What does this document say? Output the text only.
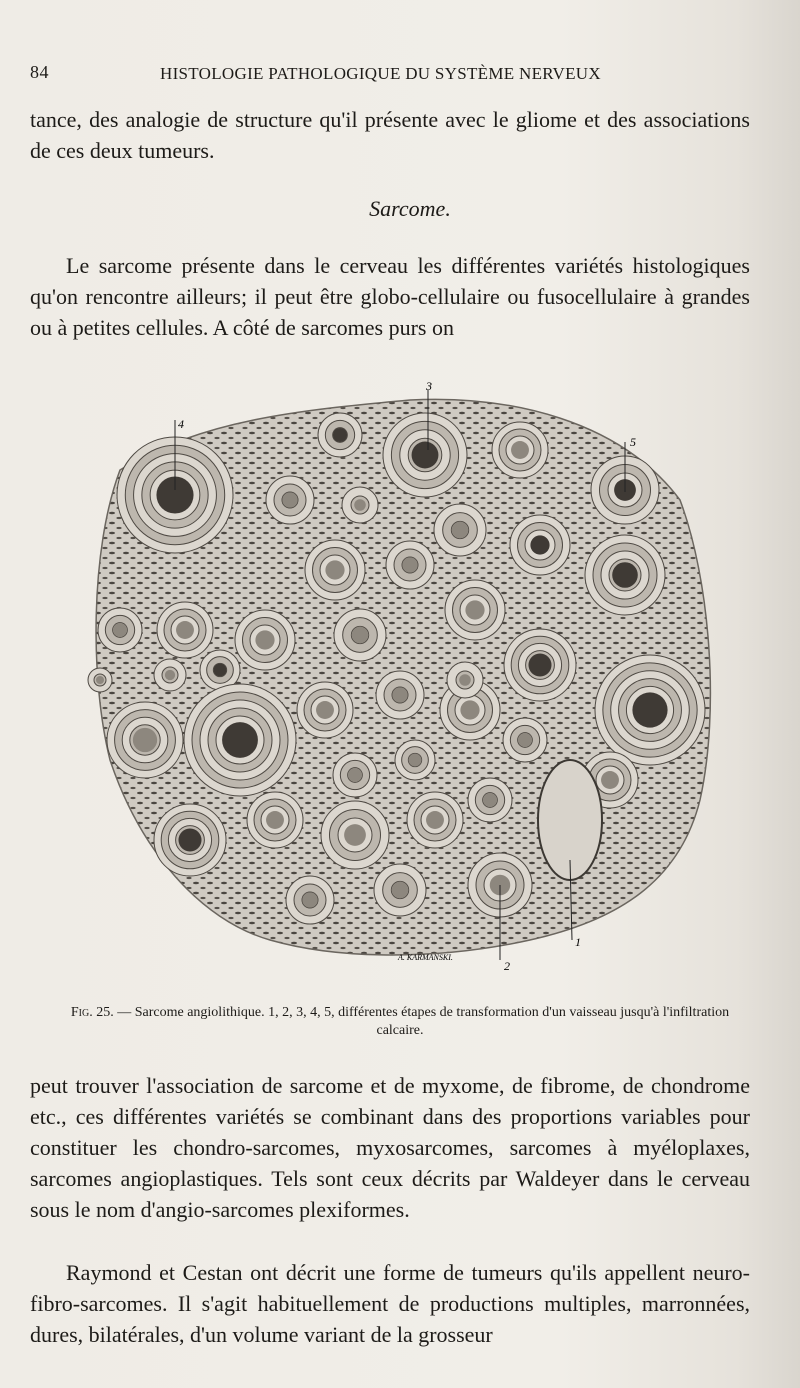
84	HISTOLOGIE PATHOLOGIQUE DU SYSTÈME NERVEUX

tance, des analogie de structure qu'il présente avec le gliome et des associations de ces deux tumeurs.

Sarcome.

Le sarcome présente dans le cerveau les différentes variétés histologiques qu'on rencontre ailleurs; il peut être globo-cellulaire ou fusocellulaire à grandes ou à petites cellules. A côté de sarcomes purs on

4
3
5
1
2
A. KARMANSKI.
Fig. 25. — Sarcome angiolithique. 1, 2, 3, 4, 5, différentes étapes de transformation d'un vaisseau jusqu'à l'infiltration calcaire.

peut trouver l'association de sarcome et de myxome, de fibrome, de chondrome etc., ces différentes variétés se combinant dans des proportions variables pour constituer les chondro-sarcomes, myxosarcomes, sarcomes à myéloplaxes, sarcomes angioplastiques. Tels sont ceux décrits par Waldeyer dans le cerveau sous le nom d'angio-sarcomes plexiformes.

Raymond et Cestan ont décrit une forme de tumeurs qu'ils appellent neuro-fibro-sarcomes. Il s'agit habituellement de productions multiples, marronnées, dures, bilatérales, d'un volume variant de la grosseur
